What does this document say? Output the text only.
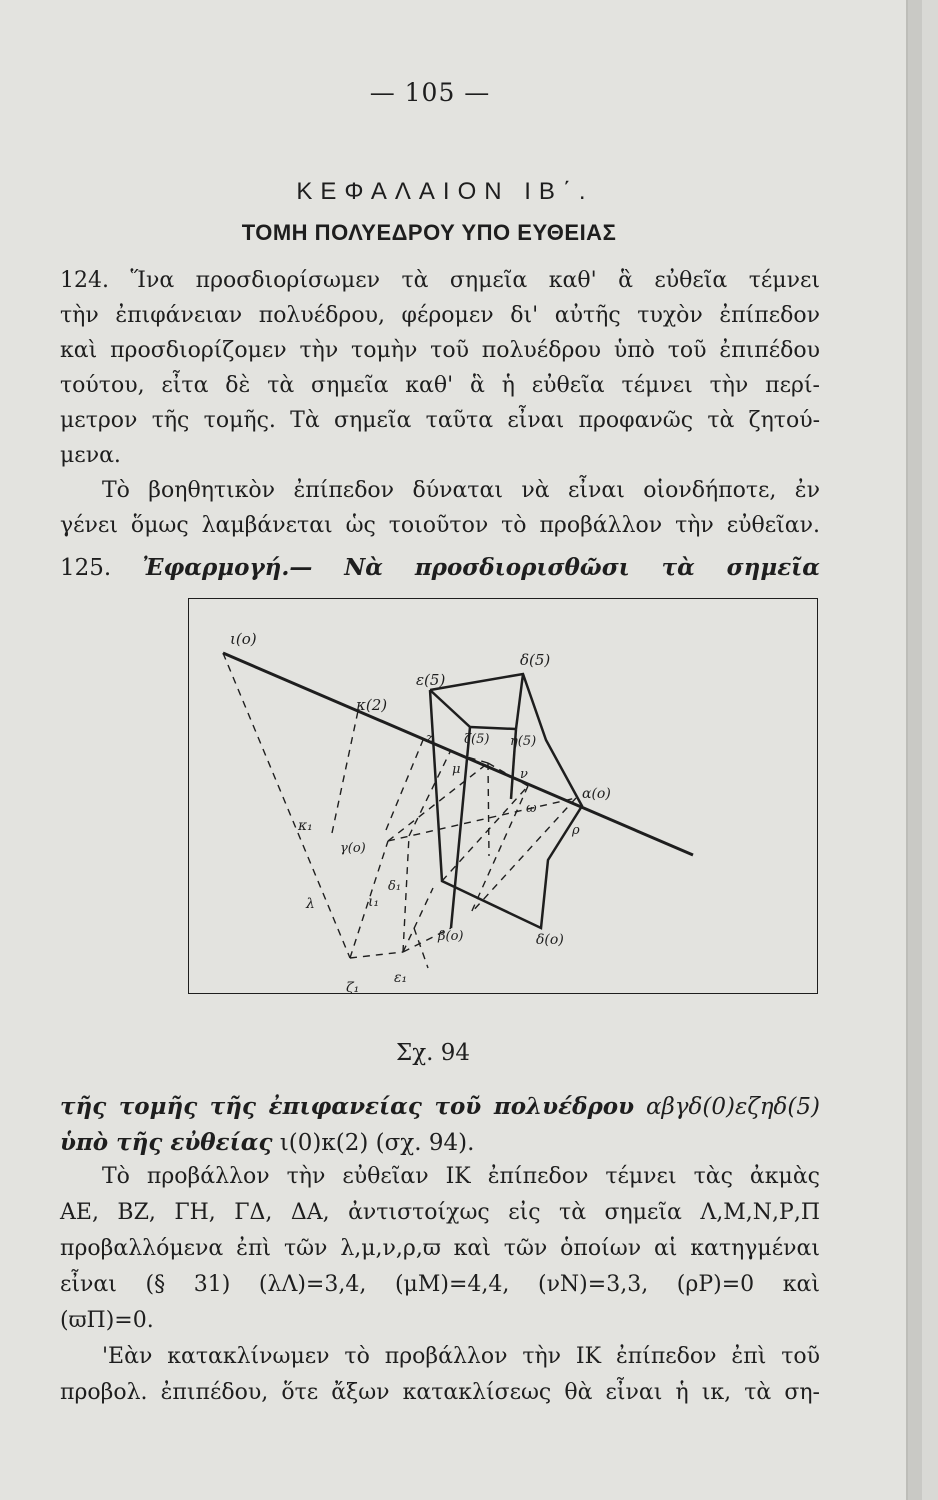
— 105 —
ΚΕΦΑΛΑΙΟΝ ΙΒ΄.
ΤΟΜΗ ΠΟΛΥΕΔΡΟΥ ΥΠΟ ΕΥΘΕΙΑΣ
124. Ἵνα προσδιορίσωμεν τὰ σημεῖα καθ' ἃ εὐθεῖα τέμνει
τὴν ἐπιφάνειαν πολυέδρου, φέρομεν δι' αὐτῆς τυχὸν ἐπίπεδον
καὶ προσδιορίζομεν τὴν τομὴν τοῦ πολυέδρου ὑπὸ τοῦ ἐπιπέδου
τούτου, εἶτα δὲ τὰ σημεῖα καθ' ἃ ἡ εὐθεῖα τέμνει τὴν περί-
μετρον τῆς τομῆς. Τὰ σημεῖα ταῦτα εἶναι προφανῶς τὰ ζητού-
μενα.
Τὸ βοηθητικὸν ἐπίπεδον δύναται νὰ εἶναι οἱονδήποτε, ἐν
γένει ὅμως λαμβάνεται ὡς τοιοῦτον τὸ προβάλλον τὴν εὐθεῖαν.
125. Ἐφαρμογή.— Νὰ προσδιορισθῶσι τὰ σημεῖα
ι(ο)
κ(2)
ε(5)
δ(5)
ζ(5) η(5)
z
μ	ν
ρ
ω
α(ο)
δ(ο)
β(ο)
γ(ο)
κ₁
λ	ι₁
ζ₁
ε₁
δ₁
Σχ. 94
τῆς τομῆς τῆς ἐπιφανείας τοῦ πολυέδρου αβγδ(0)εζηδ(5)
ὑπὸ τῆς εὐθείας ι(0)κ(2) (σχ. 94).
Τὸ προβάλλον τὴν εὐθεῖαν ΙΚ ἐπίπεδον τέμνει τὰς ἀκμὰς
ΑΕ, ΒΖ, ΓΗ, ΓΔ, ΔΑ, ἀντιστοίχως εἰς τὰ σημεῖα Λ,Μ,Ν,Ρ,Π
προβαλλόμενα ἐπὶ τῶν λ,μ,ν,ρ,ϖ καὶ τῶν ὁποίων αἱ κατηγμέναι
εἶναι (§ 31) (λΛ)=3,4, (μΜ)=4,4, (νΝ)=3,3, (ρΡ)=0 καὶ
(ϖΠ)=0.
'Εὰν κατακλίνωμεν τὸ προβάλλον τὴν ΙΚ ἐπίπεδον ἐπὶ τοῦ
προβολ. ἐπιπέδου, ὅτε ἄξων κατακλίσεως θὰ εἶναι ἡ ικ, τὰ ση-
